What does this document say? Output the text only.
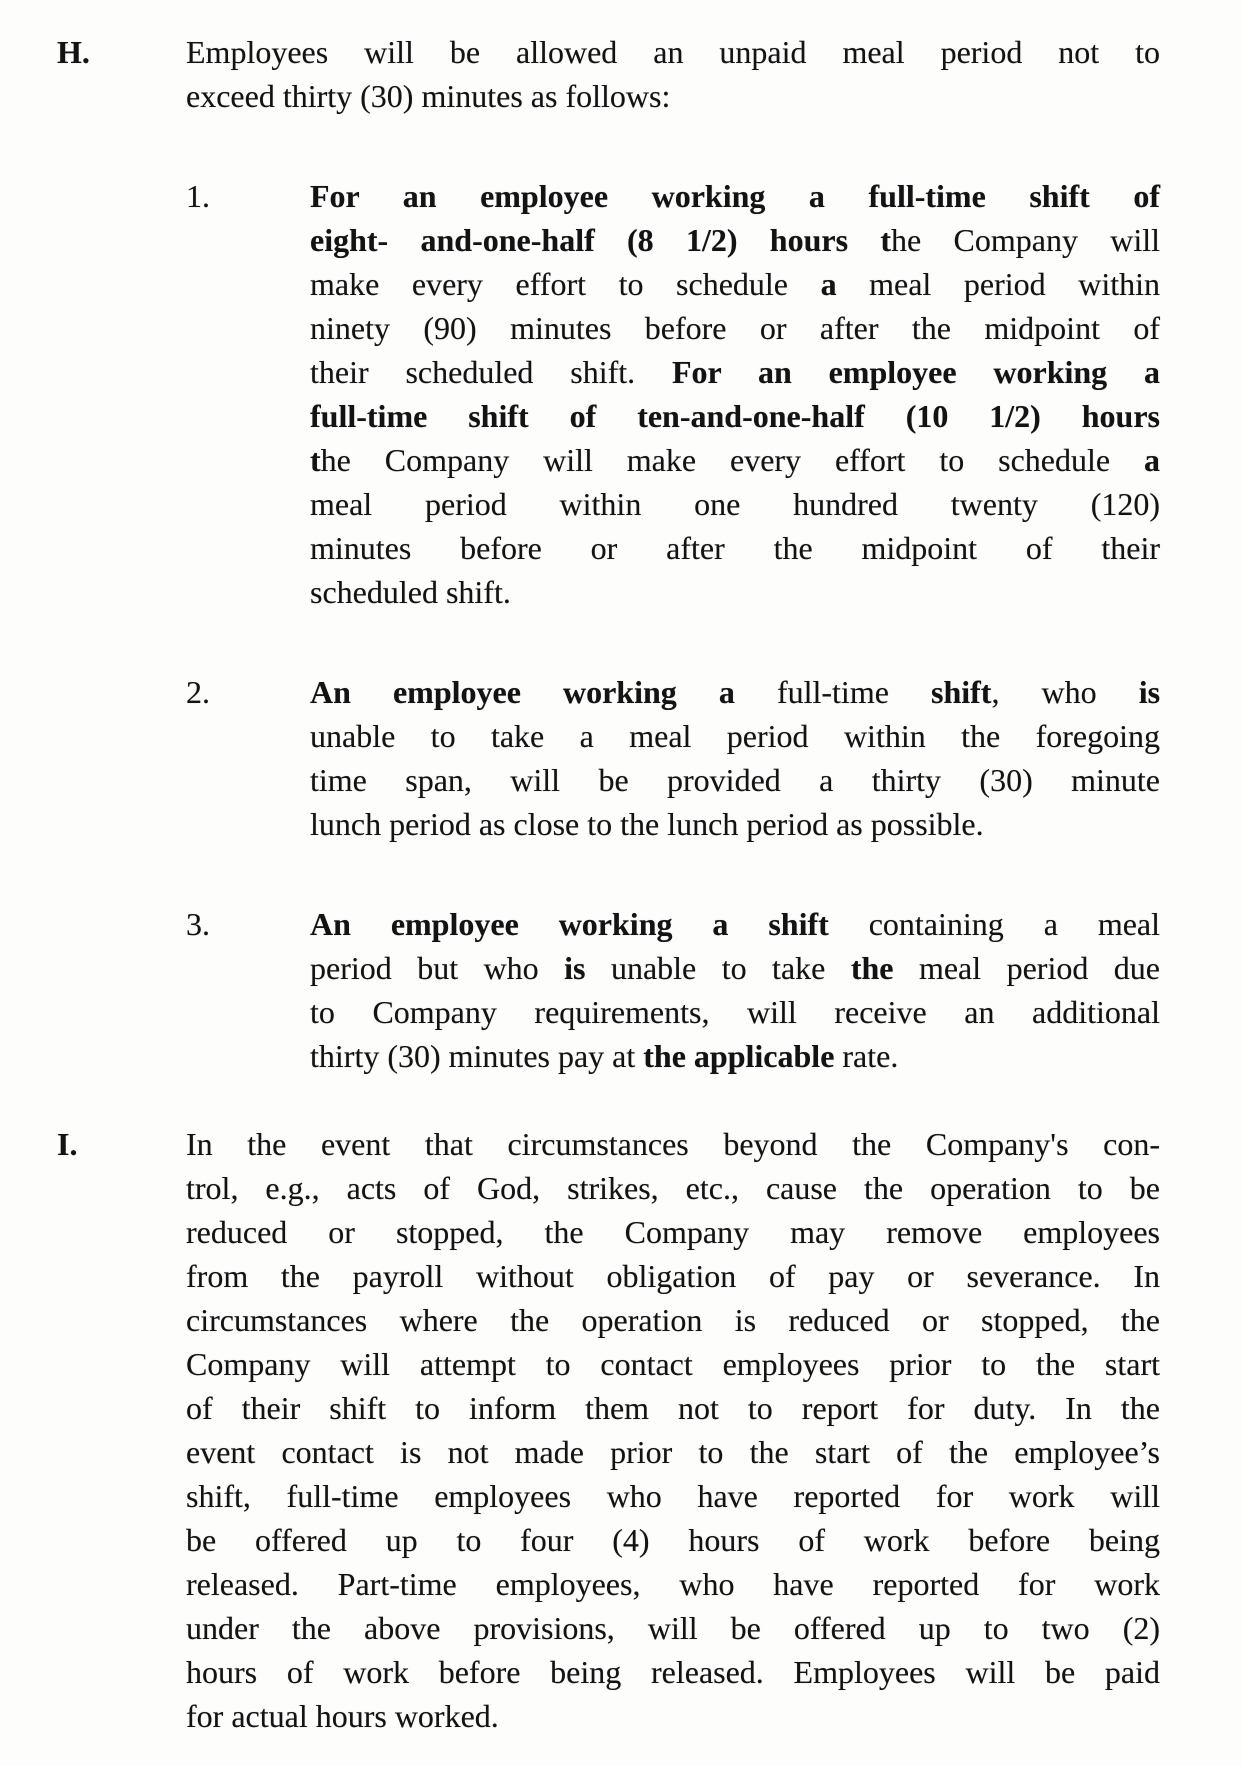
H.	Employees will be allowed an unpaid meal period not to
exceed thirty (30) minutes as follows:
1.	For an employee working a full-time shift of
eight- and-one-half (8 1/2) hours the Company will
make every effort to schedule a meal period within
ninety (90) minutes before or after the midpoint of
their scheduled shift. For an employee working a
full-time shift of ten-and-one-half (10 1/2) hours
the Company will make every effort to schedule a
meal period within one hundred twenty (120)
minutes before or after the midpoint of their
scheduled shift.
2.	An employee working a full-time shift, who is
unable to take a meal period within the foregoing
time span, will be provided a thirty (30) minute
lunch period as close to the lunch period as possible.
3.	An employee working a shift containing a meal
period but who is unable to take the meal period due
to Company requirements, will receive an additional
thirty (30) minutes pay at the applicable rate.
I.	In the event that circumstances beyond the Company's con-
trol, e.g., acts of God, strikes, etc., cause the operation to be
reduced or stopped, the Company may remove employees
from the payroll without obligation of pay or severance. In
circumstances where the operation is reduced or stopped, the
Company will attempt to contact employees prior to the start
of their shift to inform them not to report for duty. In the
event contact is not made prior to the start of the employee’s
shift, full-time employees who have reported for work will
be offered up to four (4) hours of work before being
released. Part-time employees, who have reported for work
under the above provisions, will be offered up to two (2)
hours of work before being released. Employees will be paid
for actual hours worked.
